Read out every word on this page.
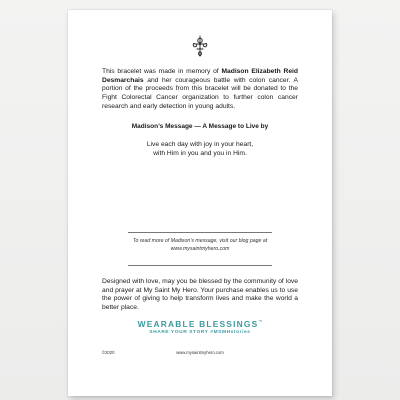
This bracelet was made in memory of Madison Elizabeth Reid Desmarchais and her courageous battle with colon cancer. A portion of the proceeds from this bracelet will be donated to the Fight Colorectal Cancer organization to further colon cancer research and early detection in young adults.
Madison’s Message — A Message to Live by
Live each day with joy in your heart,
with Him in you and you in Him.
To read more of Madison’s message, visit our blog page at www.mysaintmyhero.com
Designed with love, may you be blessed by the community of love and prayer at My Saint My Hero. Your purchase enables us to use the power of giving to help transform lives and make the world a better place.
WEARABLE BLESSINGS™
SHARE YOUR STORY #MSMHstories
©2020	www.mysaintmyhero.com
